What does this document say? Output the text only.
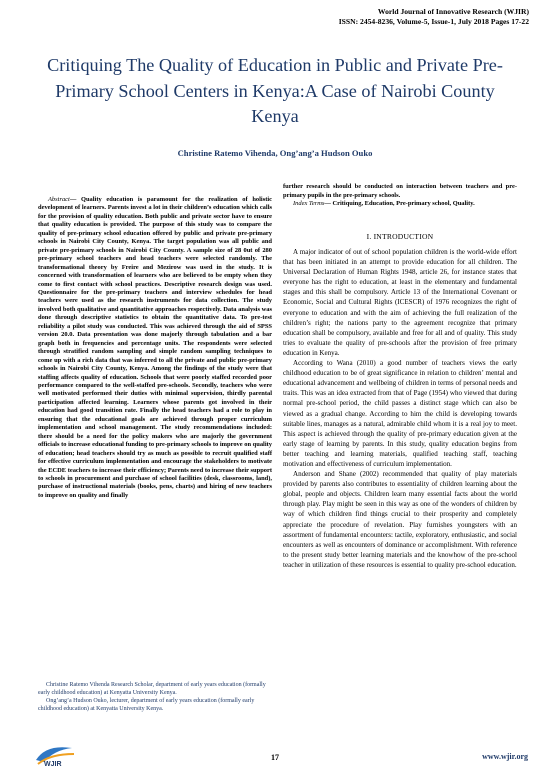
World Journal of Innovative Research (WJIR)
ISSN: 2454-8236, Volume-5, Issue-1, July 2018 Pages 17-22
Critiquing The Quality of Education in Public and Private Pre-Primary School Centers in Kenya:A Case of Nairobi County Kenya
Christine Ratemo Vihenda, Ong’ang’a Hudson Ouko

Abstract— Quality education is paramount for the realization of holistic development of learners. Parents invest a lot in their children’s education which calls for the provision of quality education. Both public and private sector have to ensure that quality education is provided. The purpose of this study was to compare the quality of pre-primary school education offered by public and private pre-primary schools in Nairobi City County, Kenya. The target population was all public and private pre-primary schools in Nairobi City County. A sample size of 28 0ut of 280 pre-primary school teachers and head teachers were selected randomly. The transformational theory by Freire and Mezirow was used in the study. It is concerned with transformation of learners who are believed to be empty when they come to first contact with school practices. Descriptive research design was used. Questionnaire for the pre-primary teachers and interview schedules for head teachers were used as the research instruments for data collection. The study involved both qualitative and quantitative approaches respectively. Data analysis was done through descriptive statistics to obtain the quantitative data. To pre-test reliability a pilot study was conducted. This was achieved through the aid of SPSS version 20.0. Data presentation was done majorly through tabulation and a bar graph both in frequencies and percentage units. The respondents were selected through stratified random sampling and simple random sampling techniques to come up with a rich data that was inferred to all the private and public pre-primary schools in Nairobi City County, Kenya. Among the findings of the study were that staffing affects quality of education. Schools that were poorly staffed recorded poor performance compared to the well-staffed pre-schools. Secondly, teachers who were well motivated performed their duties with minimal supervision, thirdly parental participation affected learning. Learners whose parents got involved in their education had good transition rate. Finally the head teachers had a role to play in ensuring that the educational goals are achieved through proper curriculum implementation and school management. The study recommendations included: there should be a need for the policy makers who are majorly the government officials to increase educational funding to pre-primary schools to improve on quality of education; head teachers should try as much as possible to recruit qualified staff for effective curriculum implementation and encourage the stakeholders to motivate the ECDE teachers to increase their efficiency; Parents need to increase their support to schools in procurement and purchase of school facilities (desk, classrooms, land), purchase of instructional materials (books, pens, charts) and hiring of new teachers to improve on quality and finally

Christine Ratemo Vihenda Research Scholar, department of early years education (formally early childhood education) at Kenyatta University Kenya.

Ong’ang’a Hudson Ouko, lecturer, department of early years education (formally early childhood education) at Kenyatta University Kenya.

further research should be conducted on interaction between teachers and pre-primary pupils in the pre-primary schools.

Index Terms— Critiquing, Education, Pre-primary school, Quality.

I. INTRODUCTION

A major indicator of out of school population children is the world-wide effort that has been initiated in an attempt to provide education for all children. The Universal Declaration of Human Rights 1948, article 26, for instance states that everyone has the right to education, at least in the elementary and fundamental stages and this shall be compulsory. Article 13 of the International Covenant or Economic, Social and Cultural Rights (ICESCR) of 1976 recognizes the right of everyone to education and with the aim of achieving the full realization of the children’s right; the nations party to the agreement recognize that primary education shall be compulsory, available and free for all and of quality. This study tries to evaluate the quality of pre-schools after the provision of free primary education in Kenya.

According to Wana (2010) a good number of teachers views the early childhood education to be of great significance in relation to children’ mental and educational advancement and wellbeing of children in terms of personal needs and traits. This was an idea extracted from that of Page (1954) who viewed that during normal pre-school period, the child passes a distinct stage which can also be viewed as a gradual change. According to him the child is developing towards suitable lines, manages as a natural, admirable child whom it is a real joy to meet. This aspect is achieved through the quality of pre-primary education given at the early stage of learning by parents. In this study, quality education begins from better teaching and learning materials, qualified teaching staff, teaching motivation and effectiveness of curriculum implementation.

Anderson and Shane (2002) recommended that quality of play materials provided by parents also contributes to essentiality of children learning about the global, people and objects. Children learn many essential facts about the world through play. Play might be seen in this way as one of the wonders of children by way of which children find things crucial to their prosperity and completely appreciate the procedure of revelation. Play furnishes youngsters with an assortment of fundamental encounters: tactile, exploratory, enthusiastic, and social encounters as well as encounters of dominance or accomplishment. With reference to the present study better learning materials and the knowhow of the pre-school teacher in utilization of these resources is essential to quality pre-school education.

WJIR
17	www.wjir.org
